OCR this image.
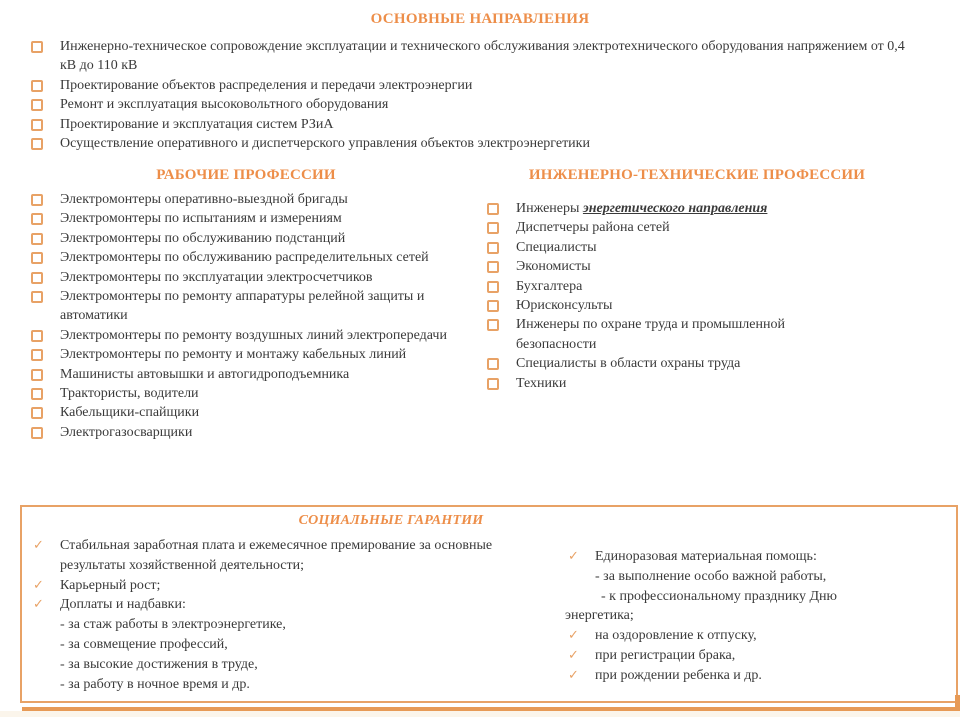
ОСНОВНЫЕ НАПРАВЛЕНИЯ
Инженерно-техническое сопровождение эксплуатации и технического обслуживания электротехнического оборудования напряжением от 0,4 кВ до 110 кВ
Проектирование объектов распределения и передачи электроэнергии
Ремонт и эксплуатация высоковольтного оборудования
Проектирование и эксплуатация систем РЗиА
Осуществление оперативного и диспетчерского управления объектов электроэнергетики
РАБОЧИЕ ПРОФЕССИИ
Электромонтеры оперативно-выездной бригады
Электромонтеры по испытаниям и измерениям
Электромонтеры по обслуживанию подстанций
Электромонтеры по обслуживанию распределительных сетей
Электромонтеры по эксплуатации электросчетчиков
Электромонтеры по ремонту аппаратуры релейной защиты и автоматики
Электромонтеры по ремонту воздушных линий электропередачи
Электромонтеры по ремонту и монтажу кабельных линий
Машинисты автовышки и автогидроподъемника
Трактористы, водители
Кабельщики-спайщики
Электрогазосварщики
ИНЖЕНЕРНО-ТЕХНИЧЕСКИЕ ПРОФЕССИИ
Инженеры энергетического направления
Диспетчеры района сетей
Специалисты
Экономисты
Бухгалтера
Юрисконсульты
Инженеры по охране труда и промышленной безопасности
Специалисты в области охраны труда
Техники
СОЦИАЛЬНЫЕ ГАРАНТИИ
✓	Стабильная заработная плата и ежемесячное премирование за основные результаты хозяйственной деятельности;
✓	Карьерный рост;
✓	Доплаты и надбавки:
- за стаж работы в электроэнергетике,
- за совмещение профессий,
- за высокие достижения в труде,
- за работу в ночное время и др.
✓	Единоразовая материальная помощь:
- за выполнение особо важной работы,
- к профессиональному празднику Дню
энергетика;
✓	на оздоровление к отпуску,
✓	при регистрации брака,
✓	при рождении ребенка и др.
